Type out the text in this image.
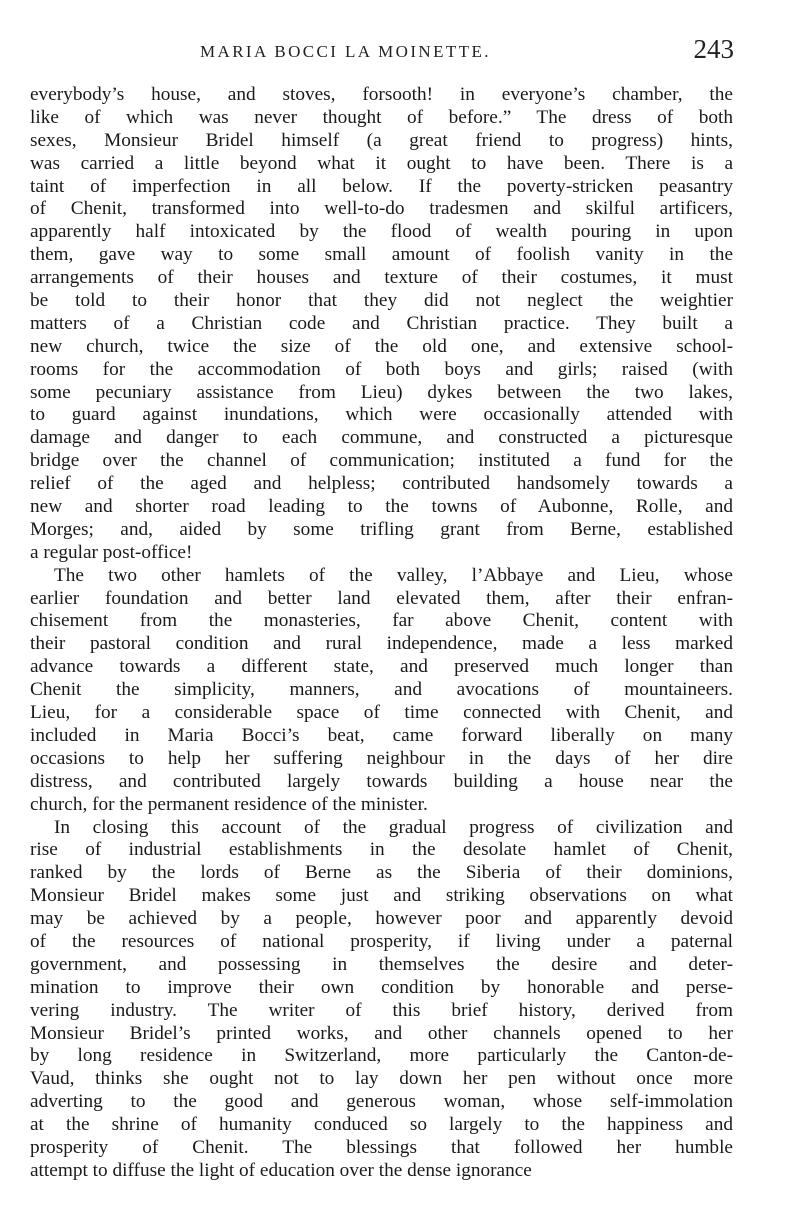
MARIA BOCCI LA MOINETTE.	243
everybody’s house, and stoves, forsooth! in everyone’s chamber, the
like of which was never thought of before.” The dress of both
sexes, Monsieur Bridel himself (a great friend to progress) hints,
was carried a little beyond what it ought to have been. There is a
taint of imperfection in all below. If the poverty-stricken peasantry
of Chenit, transformed into well-to-do tradesmen and skilful artificers,
apparently half intoxicated by the flood of wealth pouring in upon
them, gave way to some small amount of foolish vanity in the
arrangements of their houses and texture of their costumes, it must
be told to their honor that they did not neglect the weightier
matters of a Christian code and Christian practice. They built a
new church, twice the size of the old one, and extensive school-
rooms for the accommodation of both boys and girls; raised (with
some pecuniary assistance from Lieu) dykes between the two lakes,
to guard against inundations, which were occasionally attended with
damage and danger to each commune, and constructed a picturesque
bridge over the channel of communication; instituted a fund for the
relief of the aged and helpless; contributed handsomely towards a
new and shorter road leading to the towns of Aubonne, Rolle, and
Morges; and, aided by some trifling grant from Berne, established
a regular post-office!
The two other hamlets of the valley, l’Abbaye and Lieu, whose
earlier foundation and better land elevated them, after their enfran-
chisement from the monasteries, far above Chenit, content with
their pastoral condition and rural independence, made a less marked
advance towards a different state, and preserved much longer than
Chenit the simplicity, manners, and avocations of mountaineers.
Lieu, for a considerable space of time connected with Chenit, and
included in Maria Bocci’s beat, came forward liberally on many
occasions to help her suffering neighbour in the days of her dire
distress, and contributed largely towards building a house near the
church, for the permanent residence of the minister.
In closing this account of the gradual progress of civilization and
rise of industrial establishments in the desolate hamlet of Chenit,
ranked by the lords of Berne as the Siberia of their dominions,
Monsieur Bridel makes some just and striking observations on what
may be achieved by a people, however poor and apparently devoid
of the resources of national prosperity, if living under a paternal
government, and possessing in themselves the desire and deter-
mination to improve their own condition by honorable and perse-
vering industry. The writer of this brief history, derived from
Monsieur Bridel’s printed works, and other channels opened to her
by long residence in Switzerland, more particularly the Canton-de-
Vaud, thinks she ought not to lay down her pen without once more
adverting to the good and generous woman, whose self-immolation
at the shrine of humanity conduced so largely to the happiness and
prosperity of Chenit. The blessings that followed her humble
attempt to diffuse the light of education over the dense ignorance
